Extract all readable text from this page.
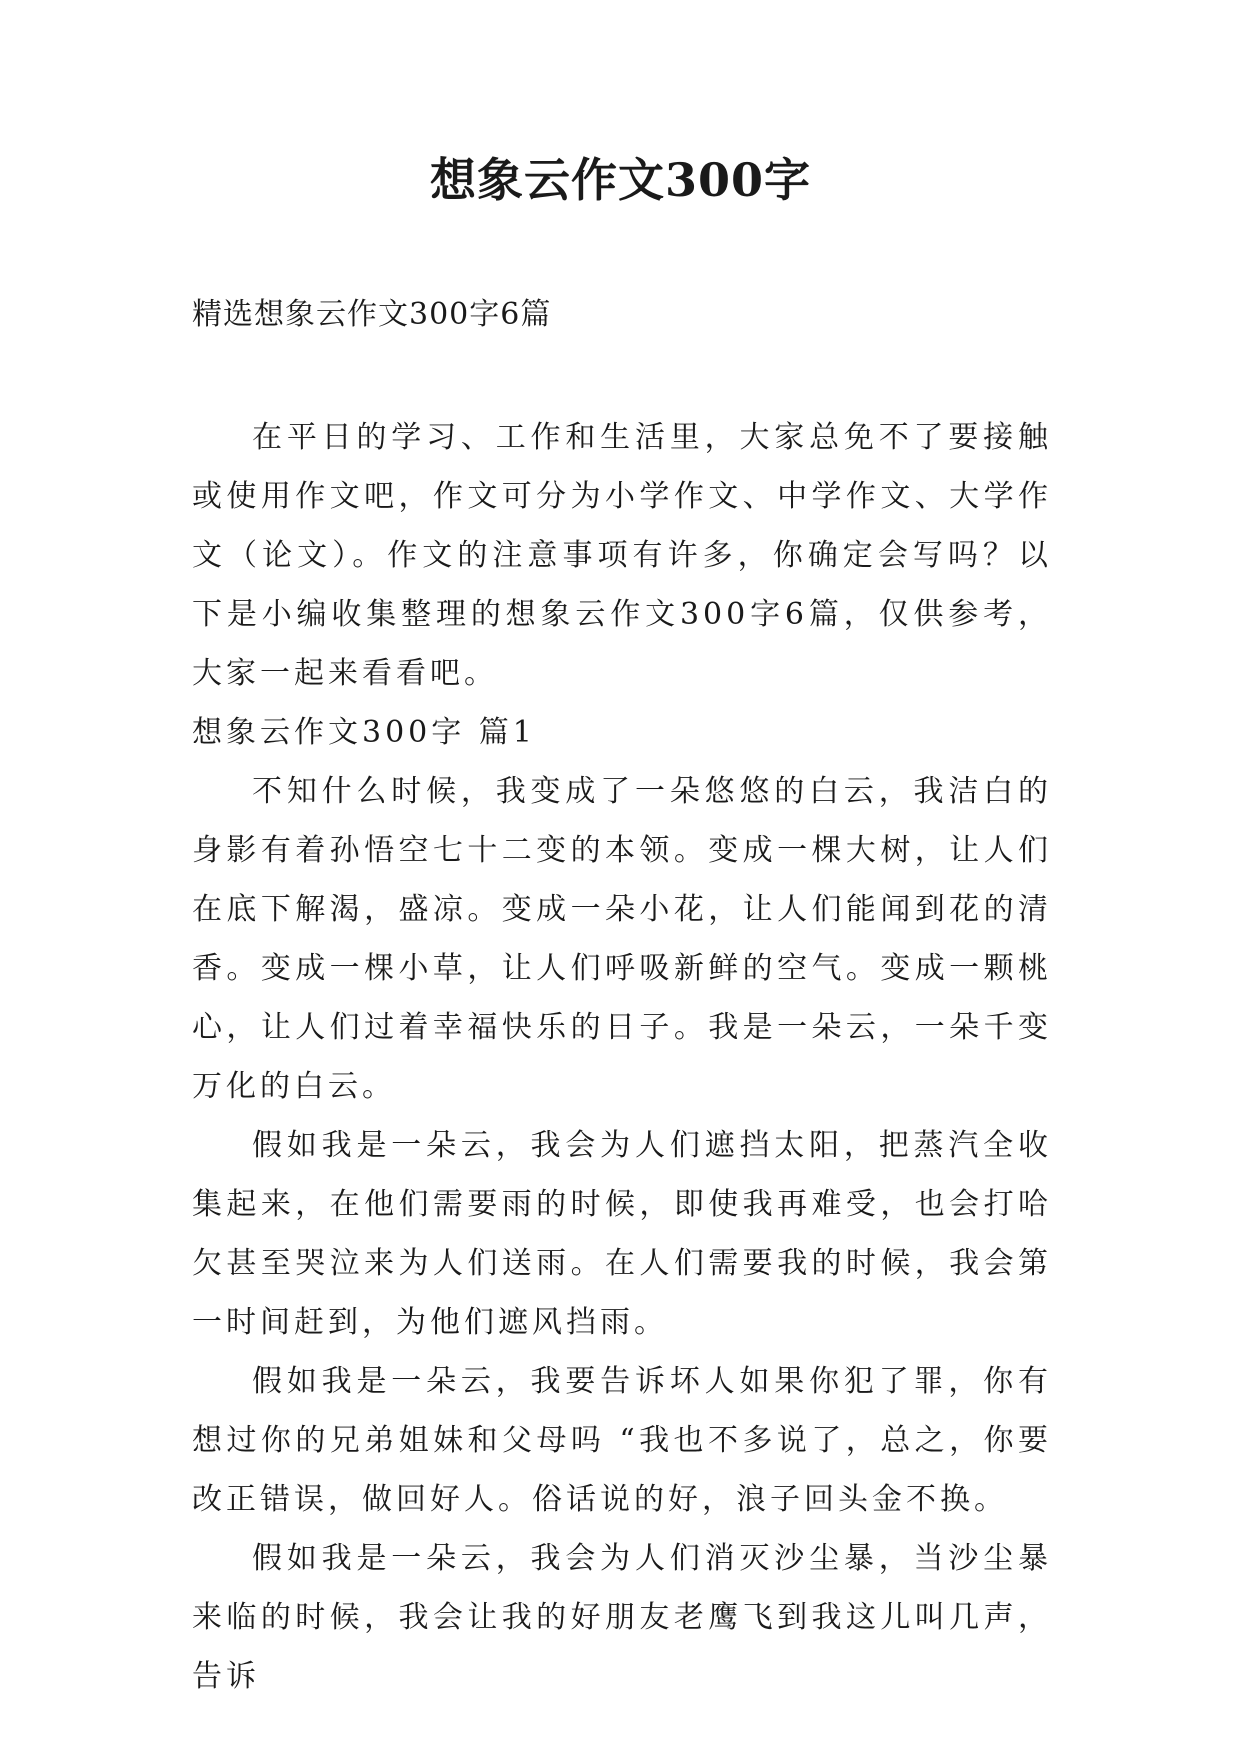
想象云作文300字
精选想象云作文300字6篇

在平日的学习、工作和生活里，大家总免不了要接触或使用作文吧，作文可分为小学作文、中学作文、大学作文（论文）。作文的注意事项有许多，你确定会写吗？以下是小编收集整理的想象云作文300字6篇，仅供参考，大家一起来看看吧。

想象云作文300字 篇1

不知什么时候，我变成了一朵悠悠的白云，我洁白的身影有着孙悟空七十二变的本领。变成一棵大树，让人们在底下解渴，盛凉。变成一朵小花，让人们能闻到花的清香。变成一棵小草，让人们呼吸新鲜的空气。变成一颗桃心，让人们过着幸福快乐的日子。我是一朵云，一朵千变万化的白云。

假如我是一朵云，我会为人们遮挡太阳，把蒸汽全收集起来，在他们需要雨的时候，即使我再难受，也会打哈欠甚至哭泣来为人们送雨。在人们需要我的时候，我会第一时间赶到，为他们遮风挡雨。

假如我是一朵云，我要告诉坏人如果你犯了罪，你有想过你的兄弟姐妹和父母吗 “我也不多说了，总之，你要改正错误，做回好人。俗话说的好，浪子回头金不换。

假如我是一朵云，我会为人们消灭沙尘暴，当沙尘暴来临的时候，我会让我的好朋友老鹰飞到我这儿叫几声，告诉
